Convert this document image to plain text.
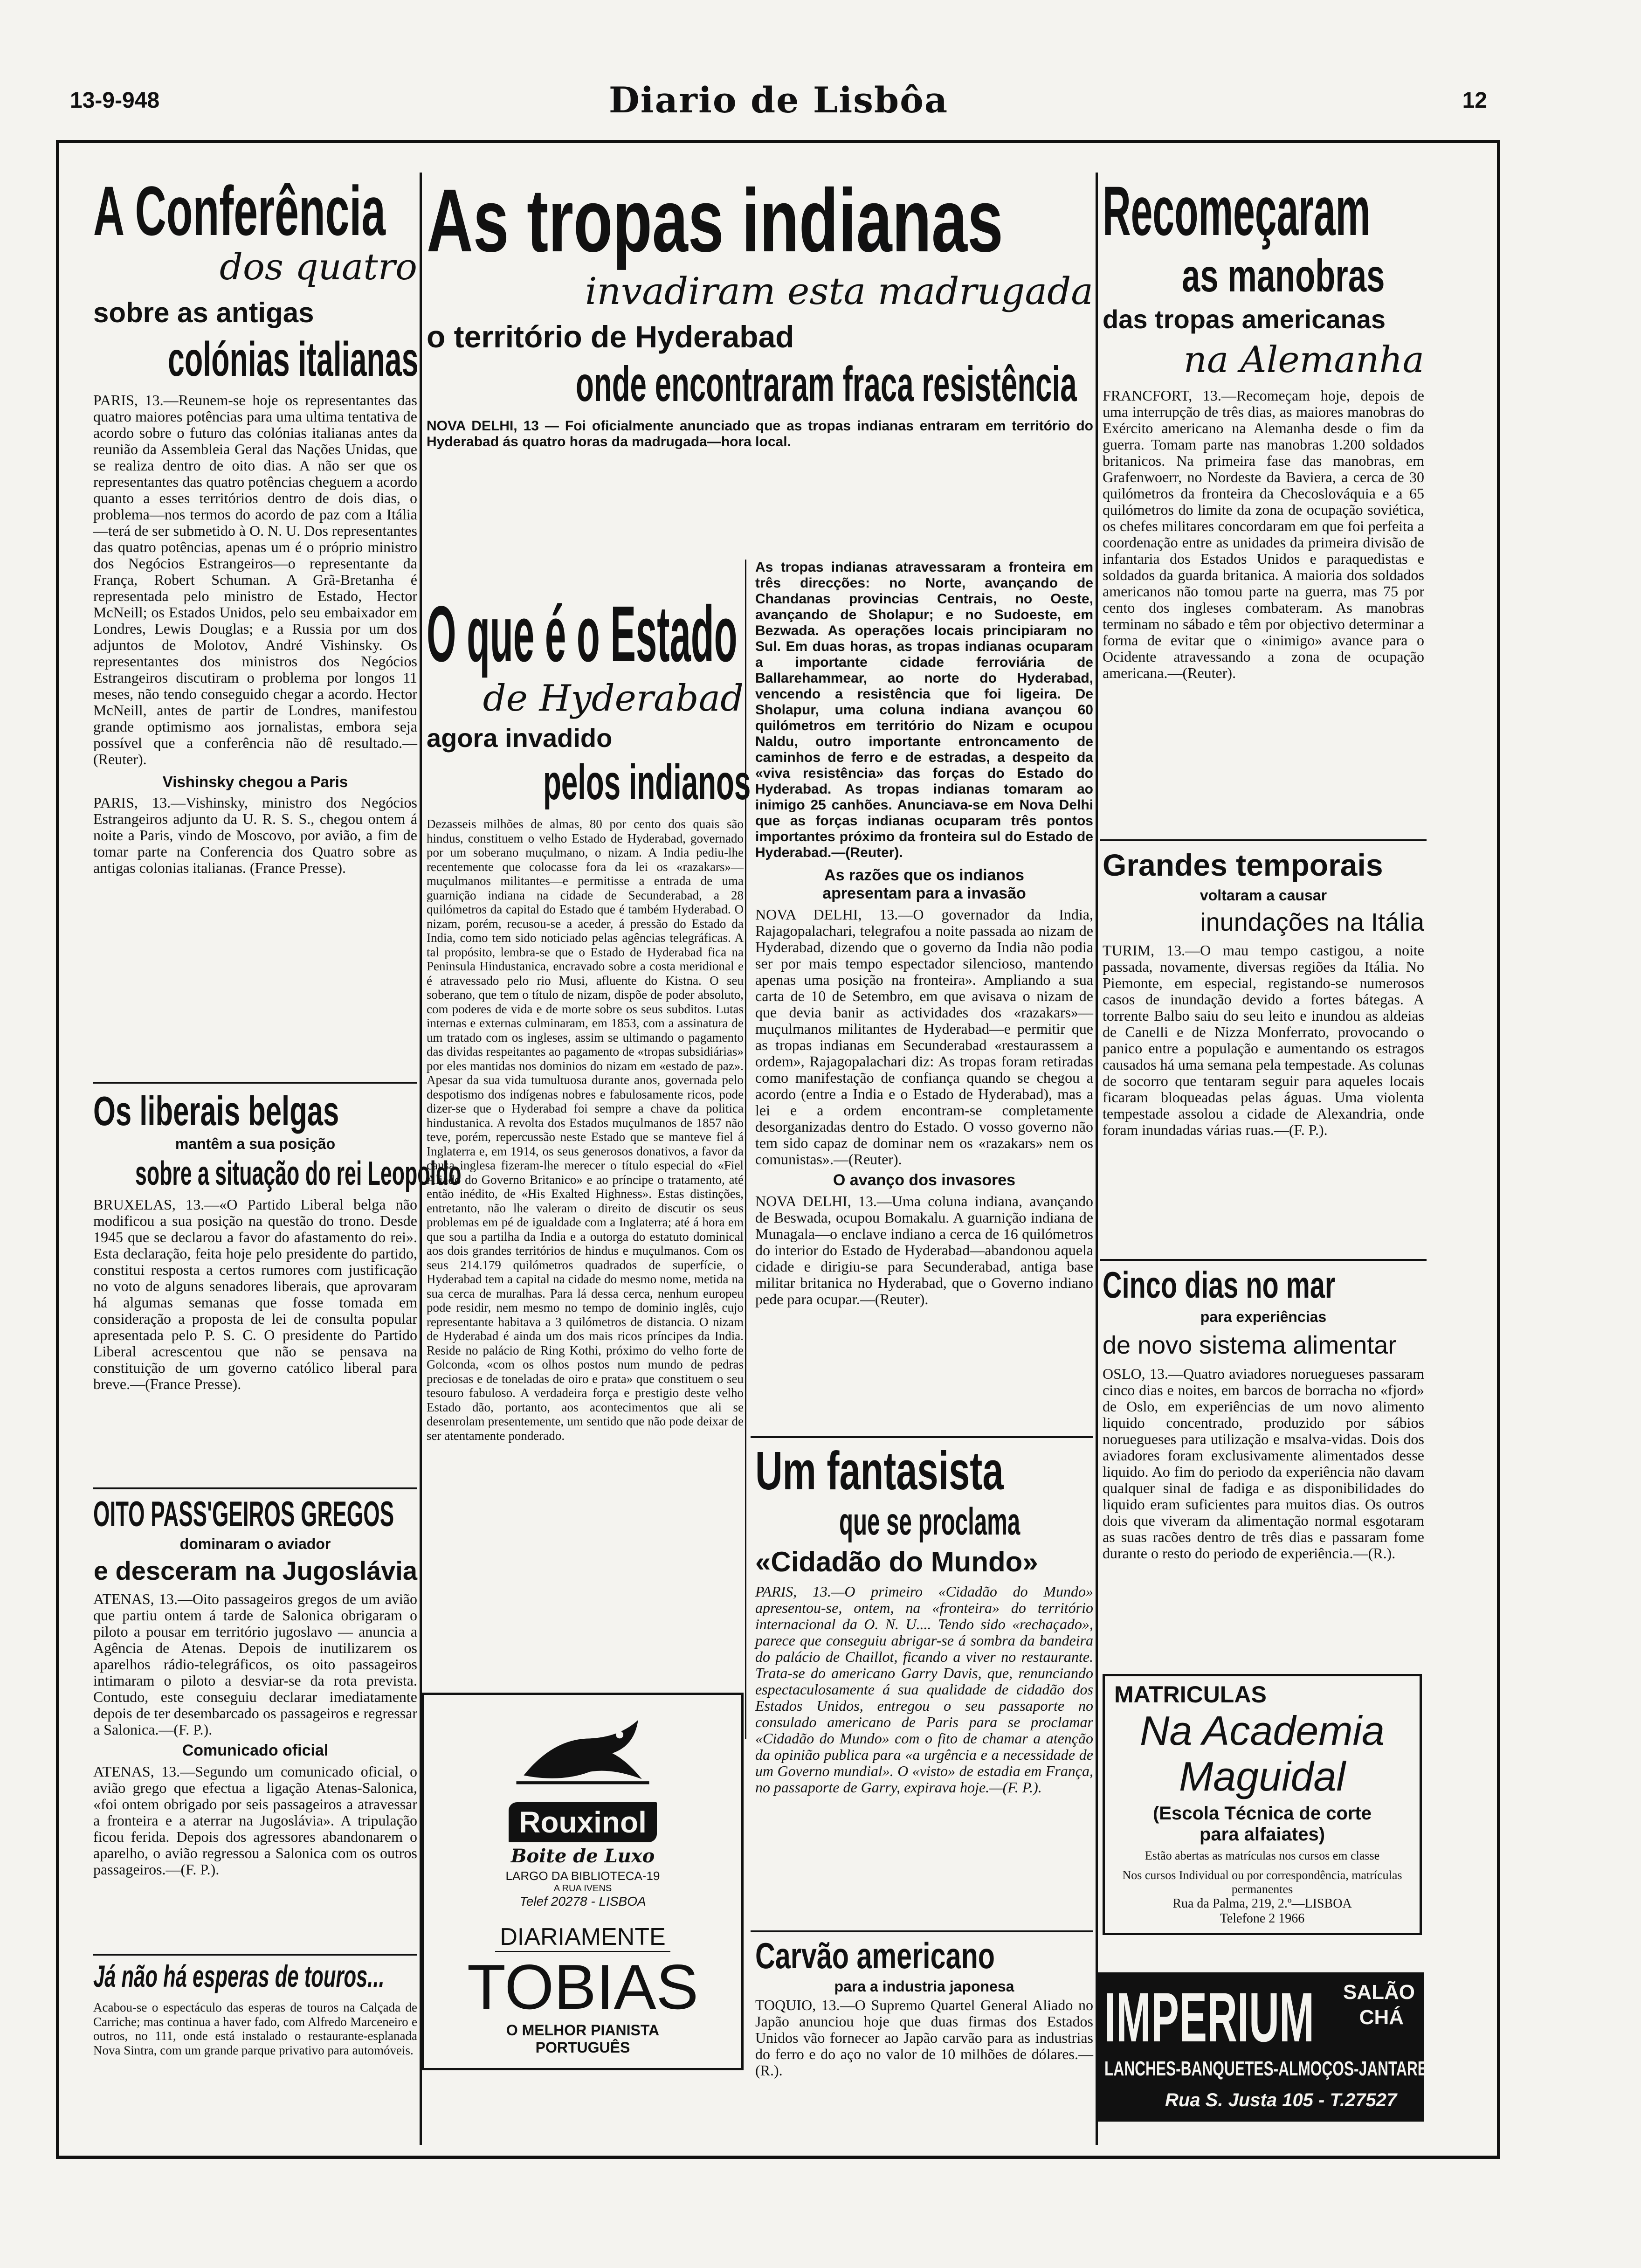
13-9-948	Diario de Lisbôa	12
A Conferência
dos quatro
sobre as antigas
colónias italianas
PARIS, 13.—Reunem-se hoje os representantes das quatro maiores potências para uma ultima tentativa de acordo sobre o futuro das colónias italianas antes da reunião da Assembleia Geral das Nações Unidas, que se realiza dentro de oito dias. A não ser que os representantes das quatro potências cheguem a acordo quanto a esses territórios dentro de dois dias, o problema—nos termos do acordo de paz com a Itália—terá de ser submetido à O. N. U. Dos representantes das quatro potências, apenas um é o próprio ministro dos Negócios Estrangeiros—o representante da França, Robert Schuman. A Grã-Bretanha é representada pelo ministro de Estado, Hector McNeill; os Estados Unidos, pelo seu embaixador em Londres, Lewis Douglas; e a Russia por um dos adjuntos de Molotov, André Vishinsky. Os representantes dos ministros dos Negócios Estrangeiros discutiram o problema por longos 11 meses, não tendo conseguido chegar a acordo. Hector McNeill, antes de partir de Londres, manifestou grande optimismo aos jornalistas, embora seja possível que a conferência não dê resultado.—(Reuter).
Vishinsky chegou a Paris
PARIS, 13.—Vishinsky, ministro dos Negócios Estrangeiros adjunto da U. R. S. S., chegou ontem á noite a Paris, vindo de Moscovo, por avião, a fim de tomar parte na Conferencia dos Quatro sobre as antigas colonias italianas. (France Presse).
Os liberais belgas
mantêm a sua posição
sobre a situação do rei Leopoldo
BRUXELAS, 13.—«O Partido Liberal belga não modificou a sua posição na questão do trono. Desde 1945 que se declarou a favor do afastamento do rei». Esta declaração, feita hoje pelo presidente do partido, constitui resposta a certos rumores com justificação no voto de alguns senadores liberais, que aprovaram há algumas semanas que fosse tomada em consideração a proposta de lei de consulta popular apresentada pelo P. S. C. O presidente do Partido Liberal acrescentou que não se pensava na constituição de um governo católico liberal para breve.—(France Presse).
OITO PASS'GEIROS GREGOS
dominaram o aviador
e desceram na Jugoslávia
ATENAS, 13.—Oito passageiros gregos de um avião que partiu ontem á tarde de Salonica obrigaram o piloto a pousar em território jugoslavo — anuncia a Agência de Atenas. Depois de inutilizarem os aparelhos rádio-telegráficos, os oito passageiros intimaram o piloto a desviar-se da rota prevista. Contudo, este conseguiu declarar imediatamente depois de ter desembarcado os passageiros e regressar a Salonica.—(F. P.).
Comunicado oficial
ATENAS, 13.—Segundo um comunicado oficial, o avião grego que efectua a ligação Atenas-Salonica, «foi ontem obrigado por seis passageiros a atravessar a fronteira e a aterrar na Jugoslávia». A tripulação ficou ferida. Depois dos agressores abandonarem o aparelho, o avião regressou a Salonica com os outros passageiros.—(F. P.).
Já não há esperas de touros...
Acabou-se o espectáculo das esperas de touros na Calçada de Carriche; mas continua a haver fado, com Alfredo Marceneiro e outros, no 111, onde está instalado o restaurante-esplanada Nova Sintra, com um grande parque privativo para automóveis.
As tropas indianas
invadiram esta madrugada
o território de Hyderabad
onde encontraram fraca resistência
NOVA DELHI, 13 — Foi oficialmente anunciado que as tropas indianas entraram em território do Hyderabad ás quatro horas da madrugada—hora local.
As tropas indianas atravessaram a fronteira em três direcções: no Norte, avançando de Chandanas provincias Centrais, no Oeste, avançando de Sholapur; e no Sudoeste, em Bezwada. As operações locais principiaram no Sul. Em duas horas, as tropas indianas ocuparam a importante cidade ferroviária de Ballarehammear, ao norte do Hyderabad, vencendo a resistência que foi ligeira. De Sholapur, uma coluna indiana avançou 60 quilómetros em território do Nizam e ocupou Naldu, outro importante entroncamento de caminhos de ferro e de estradas, a despeito da «viva resistência» das forças do Estado do Hyderabad. As tropas indianas tomaram ao inimigo 25 canhões. Anunciava-se em Nova Delhi que as forças indianas ocuparam três pontos importantes próximo da fronteira sul do Estado de Hyderabad.—(Reuter).
As razões que os indianos
apresentam para a invasão
NOVA DELHI, 13.—O governador da India, Rajagopalachari, telegrafou a noite passada ao nizam de Hyderabad, dizendo que o governo da India não podia ser por mais tempo espectador silencioso, mantendo apenas uma posição na fronteira». Ampliando a sua carta de 10 de Setembro, em que avisava o nizam de que devia banir as actividades dos «razakars»—muçulmanos militantes de Hyderabad—e permitir que as tropas indianas em Secunderabad «restaurassem a ordem», Rajagopalachari diz: As tropas foram retiradas como manifestação de confiança quando se chegou a acordo (entre a India e o Estado de Hyderabad), mas a lei e a ordem encontram-se completamente desorganizadas dentro do Estado. O vosso governo não tem sido capaz de dominar nem os «razakars» nem os comunistas».—(Reuter).
O avanço dos invasores
NOVA DELHI, 13.—Uma coluna indiana, avançando de Beswada, ocupou Bomakalu. A guarnição indiana de Munagala—o enclave indiano a cerca de 16 quilómetros do interior do Estado de Hyderabad—abandonou aquela cidade e dirigiu-se para Secunderabad, antiga base militar britanica no Hyderabad, que o Governo indiano pede para ocupar.—(Reuter).
O que é o Estado
de Hyderabad
agora invadido
pelos indianos
Dezasseis milhões de almas, 80 por cento dos quais são hindus, constituem o velho Estado de Hyderabad, governado por um soberano muçulmano, o nizam. A India pediu-lhe recentemente que colocasse fora da lei os «razakars»—muçulmanos militantes—e permitisse a entrada de uma guarnição indiana na cidade de Secunderabad, a 28 quilómetros da capital do Estado que é também Hyderabad. O nizam, porém, recusou-se a aceder, á pressão do Estado da India, como tem sido noticiado pelas agências telegráficas. A tal propósito, lembra-se que o Estado de Hyderabad fica na Peninsula Hindustanica, encravado sobre a costa meridional e é atravessado pelo rio Musi, afluente do Kistna. O seu soberano, que tem o título de nizam, dispõe de poder absoluto, com poderes de vida e de morte sobre os seus subditos. Lutas internas e externas culminaram, em 1853, com a assinatura de um tratado com os ingleses, assim se ultimando o pagamento das dividas respeitantes ao pagamento de «tropas subsidiárias» por eles mantidas nos dominios do nizam em «estado de paz». Apesar da sua vida tumultuosa durante anos, governada pelo despotismo dos indígenas nobres e fabulosamente ricos, pode dizer-se que o Hyderabad foi sempre a chave da politica hindustanica. A revolta dos Estados muçulmanos de 1857 não teve, porém, repercussão neste Estado que se manteve fiel á Inglaterra e, em 1914, os seus generosos donativos, a favor da causa inglesa fizeram-lhe merecer o título especial do «Fiel Aliado do Governo Britanico» e ao príncipe o tratamento, até então inédito, de «His Exalted Highness». Estas distinções, entretanto, não lhe valeram o direito de discutir os seus problemas em pé de igualdade com a Inglaterra; até á hora em que sou a partilha da India e a outorga do estatuto dominical aos dois grandes territórios de hindus e muçulmanos. Com os seus 214.179 quilómetros quadrados de superfície, o Hyderabad tem a capital na cidade do mesmo nome, metida na sua cerca de muralhas. Para lá dessa cerca, nenhum europeu pode residir, nem mesmo no tempo de dominio inglês, cujo representante habitava a 3 quilómetros de distancia. O nizam de Hyderabad é ainda um dos mais ricos príncipes da India. Reside no palácio de Ring Kothi, próximo do velho forte de Golconda, «com os olhos postos num mundo de pedras preciosas e de toneladas de oiro e prata» que constituem o seu tesouro fabuloso. A verdadeira força e prestigio deste velho Estado dão, portanto, aos acontecimentos que ali se desenrolam presentemente, um sentido que não pode deixar de ser atentamente ponderado.
Rouxinol
Boite de Luxo
LARGO DA BIBLIOTECA-19
A RUA IVENS
Telef 20278 - LISBOA
DIARIAMENTE
TOBIAS
O MELHOR PIANISTA
PORTUGUÊS
Um fantasista
que se proclama
«Cidadão do Mundo»
PARIS, 13.—O primeiro «Cidadão do Mundo» apresentou-se, ontem, na «fronteira» do território internacional da O. N. U.... Tendo sido «rechaçado», parece que conseguiu abrigar-se á sombra da bandeira do palácio de Chaillot, ficando a viver no restaurante. Trata-se do americano Garry Davis, que, renunciando espectaculosamente á sua qualidade de cidadão dos Estados Unidos, entregou o seu passaporte no consulado americano de Paris para se proclamar «Cidadão do Mundo» com o fito de chamar a atenção da opinião publica para «a urgência e a necessidade de um Governo mundial». O «visto» de estadia em França, no passaporte de Garry, expirava hoje.—(F. P.).
Carvão americano
para a industria japonesa
TOQUIO, 13.—O Supremo Quartel General Aliado no Japão anunciou hoje que duas firmas dos Estados Unidos vão fornecer ao Japão carvão para as industrias do ferro e do aço no valor de 10 milhões de dólares.—(R.).
Recomeçaram
as manobras
das tropas americanas
na Alemanha
FRANCFORT, 13.—Recomeçam hoje, depois de uma interrupção de três dias, as maiores manobras do Exército americano na Alemanha desde o fim da guerra. Tomam parte nas manobras 1.200 soldados britanicos. Na primeira fase das manobras, em Grafenwoerr, no Nordeste da Baviera, a cerca de 30 quilómetros da fronteira da Checoslováquia e a 65 quilómetros do limite da zona de ocupação soviética, os chefes militares concordaram em que foi perfeita a coordenação entre as unidades da primeira divisão de infantaria dos Estados Unidos e paraquedistas e soldados da guarda britanica. A maioria dos soldados americanos não tomou parte na guerra, mas 75 por cento dos ingleses combateram. As manobras terminam no sábado e têm por objectivo determinar a forma de evitar que o «inimigo» avance para o Ocidente atravessando a zona de ocupação americana.—(Reuter).
Grandes temporais
voltaram a causar
inundações na Itália
TURIM, 13.—O mau tempo castigou, a noite passada, novamente, diversas regiões da Itália. No Piemonte, em especial, registando-se numerosos casos de inundação devido a fortes bátegas. A torrente Balbo saiu do seu leito e inundou as aldeias de Canelli e de Nizza Monferrato, provocando o panico entre a população e aumentando os estragos causados há uma semana pela tempestade. As colunas de socorro que tentaram seguir para aqueles locais ficaram bloqueadas pelas águas. Uma violenta tempestade assolou a cidade de Alexandria, onde foram inundadas várias ruas.—(F. P.).
Cinco dias no mar
para experiências
de novo sistema alimentar
OSLO, 13.—Quatro aviadores noruegueses passaram cinco dias e noites, em barcos de borracha no «fjord» de Oslo, em experiências de um novo alimento liquido concentrado, produzido por sábios noruegueses para utilização e msalva-vidas. Dois dos aviadores foram exclusivamente alimentados desse liquido. Ao fim do periodo da experiência não davam qualquer sinal de fadiga e as disponibilidades do liquido eram suficientes para muitos dias. Os outros dois que viveram da alimentação normal esgotaram as suas racões dentro de três dias e passaram fome durante o resto do periodo de experiência.—(R.).
MATRICULAS
Na Academia
Maguidal
(Escola Técnica de corte
para alfaiates)
Estão abertas as matrículas nos cursos em classe
Nos cursos Individual ou por correspondência, matrículas permanentes
Rua da Palma, 219, 2.º—LISBOA
Telefone 2 1966
IMPERIUM SALÃO
CHÁ
LANCHES-BANQUETES-ALMOÇOS-JANTARES
Rua S. Justa 105 - T.27527
